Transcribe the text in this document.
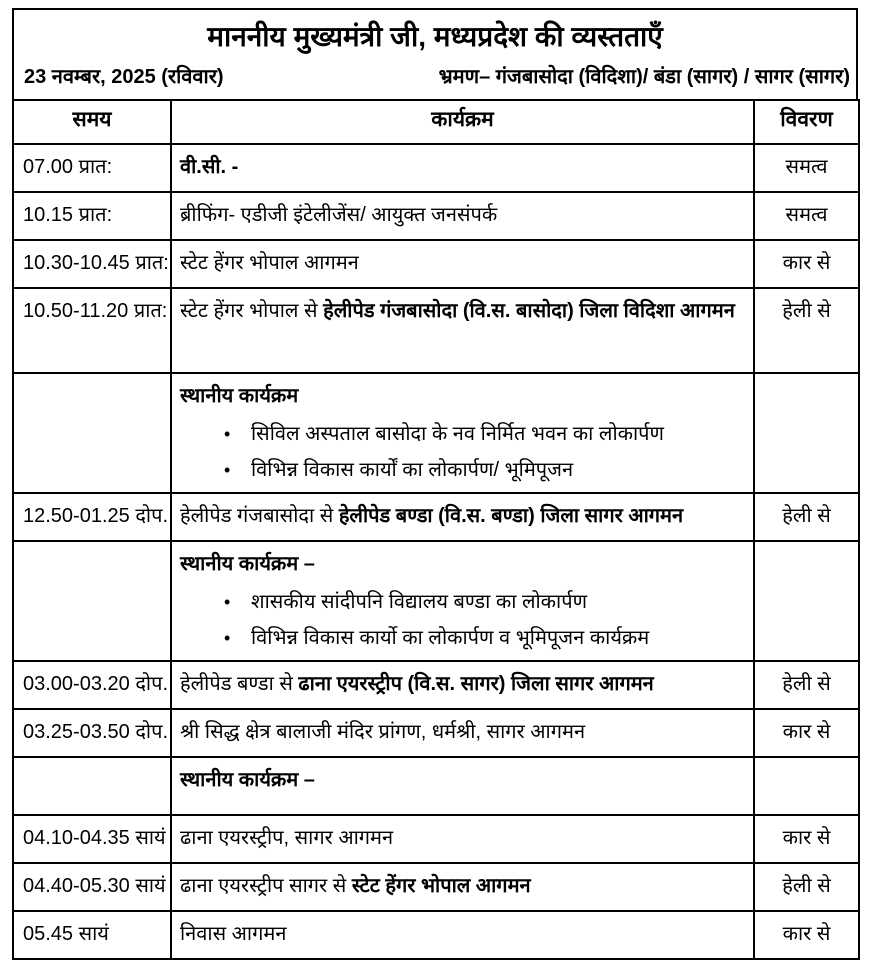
माननीय मुख्यमंत्री जी, मध्यप्रदेश की व्यस्तताएँ
23 नवम्बर, 2025 (रविवार)	भ्रमण– गंजबासोदा (विदिशा)/ बंडा (सागर) / सागर (सागर)
समय	कार्यक्रम	विवरण
07.00 प्रात:	वी.सी. -	समत्व
10.15 प्रात:	ब्रीफिंग- एडीजी इंटेलीजेंस/ आयुक्त जनसंपर्क	समत्व
10.30-10.45 प्रात:	स्टेट हेंगर भोपाल आगमन	कार से
10.50-11.20 प्रात:	स्टेट हेंगर भोपाल से हेलीपेड गंजबासोदा (वि.स. बासोदा) जिला विदिशा आगमन	हेली से

	स्थानीय कार्यक्रम
• सिविल अस्पताल बासोदा के नव निर्मित भवन का लोकार्पण
• विभिन्न विकास कार्यों का लोकार्पण/ भूमिपूजन	

12.50-01.25 दोप.	हेलीपेड गंजबासोदा से हेलीपेड बण्डा (वि.स. बण्डा) जिला सागर आगमन	हेली से

	स्थानीय कार्यक्रम –
• शासकीय सांदीपनि विद्यालय बण्डा का लोकार्पण
• विभिन्न विकास कार्यो का लोकार्पण व भूमिपूजन कार्यक्रम	

03.00-03.20 दोप.	हेलीपेड बण्डा से ढाना एयरस्ट्रीप (वि.स. सागर) जिला सागर आगमन	हेली से
03.25-03.50 दोप.	श्री सिद्ध क्षेत्र बालाजी मंदिर प्रांगण, धर्मश्री, सागर आगमन	कार से

	स्थानीय कार्यक्रम –	

04.10-04.35 सायं	ढाना एयरस्ट्रीप, सागर आगमन	कार से
04.40-05.30 सायं	ढाना एयरस्ट्रीप सागर से स्टेट हेंगर भोपाल आगमन	हेली से
05.45 सायं	निवास आगमन	कार से
